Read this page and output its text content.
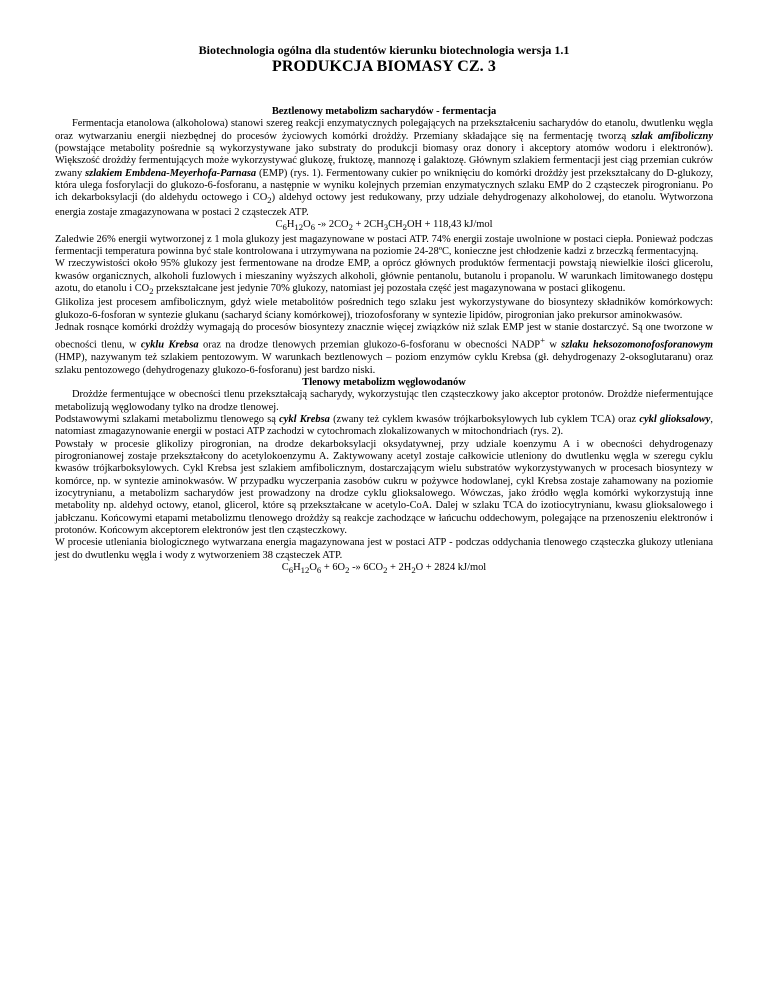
Biotechnologia ogólna dla studentów kierunku biotechnologia wersja 1.1
PRODUKCJA BIOMASY CZ. 3

Beztlenowy metabolizm sacharydów - fermentacja

Fermentacja etanolowa (alkoholowa) stanowi szereg reakcji enzymatycznych polegających na przekształceniu sacharydów do etanolu, dwutlenku węgla oraz wytwarzaniu energii niezbędnej do procesów życiowych komórki drożdży. Przemiany składające się na fermentację tworzą szlak amfiboliczny (powstające metabolity pośrednie są wykorzystywane jako substraty do produkcji biomasy oraz donory i akceptory atomów wodoru i elektronów). Większość drożdży fermentujących może wykorzystywać glukozę, fruktozę, mannozę i galaktozę. Głównym szlakiem fermentacji jest ciąg przemian cukrów zwany szlakiem Embdena-Meyerhofa-Parnasa (EMP) (rys. 1). Fermentowany cukier po wniknięciu do komórki drożdży jest przekształcany do D-glukozy, która ulega fosforylacji do glukozo-6-fosforanu, a następnie w wyniku kolejnych przemian enzymatycznych szlaku EMP do 2 cząsteczek pirogronianu. Po ich dekarboksylacji (do aldehydu octowego i $CO_2$) aldehyd octowy jest redukowany, przy udziale dehydrogenazy alkoholowej, do etanolu. Wytworzona energia zostaje zmagazynowana w postaci 2 cząsteczek ATP.

$C_6H_{12}O_6$ -» $2CO_2 + 2CH_3CH_2OH + 118,43$ kJ/mol

Zaledwie 26% energii wytworzonej z 1 mola glukozy jest magazynowane w postaci ATP. 74% energii zostaje uwolnione w postaci ciepła. Ponieważ podczas fermentacji temperatura powinna być stale kontrolowana i utrzymywana na poziomie 24-28ºC, konieczne jest chłodzenie kadzi z brzeczką fermentacyjną.

W rzeczywistości około 95% glukozy jest fermentowane na drodze EMP, a oprócz głównych produktów fermentacji powstają niewielkie ilości glicerolu, kwasów organicznych, alkoholi fuzlowych i mieszaniny wyższych alkoholi, głównie pentanolu, butanolu i propanolu. W warunkach limitowanego dostępu azotu, do etanolu i $CO_2$ przekształcane jest jedynie 70% glukozy, natomiast jej pozostała część jest magazynowana w postaci glikogenu.

Glikoliza jest procesem amfibolicznym, gdyż wiele metabolitów pośrednich tego szlaku jest wykorzystywane do biosyntezy składników komórkowych: glukozo-6-fosforan w syntezie glukanu (sacharyd ściany komórkowej), triozofosforany w syntezie lipidów, pirogronian jako prekursor aminokwasów.

Jednak rosnące komórki drożdży wymagają do procesów biosyntezy znacznie więcej związków niż szlak EMP jest w stanie dostarczyć. Są one tworzone w obecności tlenu, w cyklu Krebsa oraz na drodze tlenowych przemian glukozo-6-fosforanu w obecności NADP+ w szlaku heksozomonofosforanowym (HMP), nazywanym też szlakiem pentozowym. W warunkach beztlenowych – poziom enzymów cyklu Krebsa (gł. dehydrogenazy 2-oksoglutaranu) oraz szlaku pentozowego (dehydrogenazy glukozo-6-fosforanu) jest bardzo niski.

Tlenowy metabolizm węglowodanów

Drożdże fermentujące w obecności tlenu przekształcają sacharydy, wykorzystując tlen cząsteczkowy jako akceptor protonów. Drożdże niefermentujące metabolizują węglowodany tylko na drodze tlenowej.

Podstawowymi szlakami metabolizmu tlenowego są cykl Krebsa (zwany też cyklem kwasów trójkarboksylowych lub cyklem TCA) oraz cykl glioksalowy, natomiast zmagazynowanie energii w postaci ATP zachodzi w cytochromach zlokalizowanych w mitochondriach (rys. 2).

Powstały w procesie glikolizy pirogronian, na drodze dekarboksylacji oksydatywnej, przy udziale koenzymu A i w obecności dehydrogenazy pirogronianowej zostaje przekształcony do acetylokoenzymu A. Zaktywowany acetyl zostaje całkowicie utleniony do dwutlenku węgla w szeregu cyklu kwasów trójkarboksylowych. Cykl Krebsa jest szlakiem amfibolicznym, dostarczającym wielu substratów wykorzystywanych w procesach biosyntezy w komórce, np. w syntezie aminokwasów. W przypadku wyczerpania zasobów cukru w pożywce hodowlanej, cykl Krebsa zostaje zahamowany na poziomie izocytrynianu, a metabolizm sacharydów jest prowadzony na drodze cyklu glioksalowego. Wówczas, jako źródło węgla komórki wykorzystują inne metabolity np. aldehyd octowy, etanol, glicerol, które są przekształcane w acetylo-CoA. Dalej w szlaku TCA do izotiocytrynianu, kwasu glioksalowego i jabłczanu. Końcowymi etapami metabolizmu tlenowego drożdży są reakcje zachodzące w łańcuchu oddechowym, polegające na przenoszeniu elektronów i protonów. Końcowym akceptorem elektronów jest tlen cząsteczkowy.

W procesie utleniania biologicznego wytwarzana energia magazynowana jest w postaci ATP - podczas oddychania tlenowego cząsteczka glukozy utleniana jest do dwutlenku węgla i wody z wytworzeniem 38 cząsteczek ATP.

$C_6H_{12}O_6 + 6O_2$ -» $6CO_2 + 2H_2O + 2824$ kJ/mol
